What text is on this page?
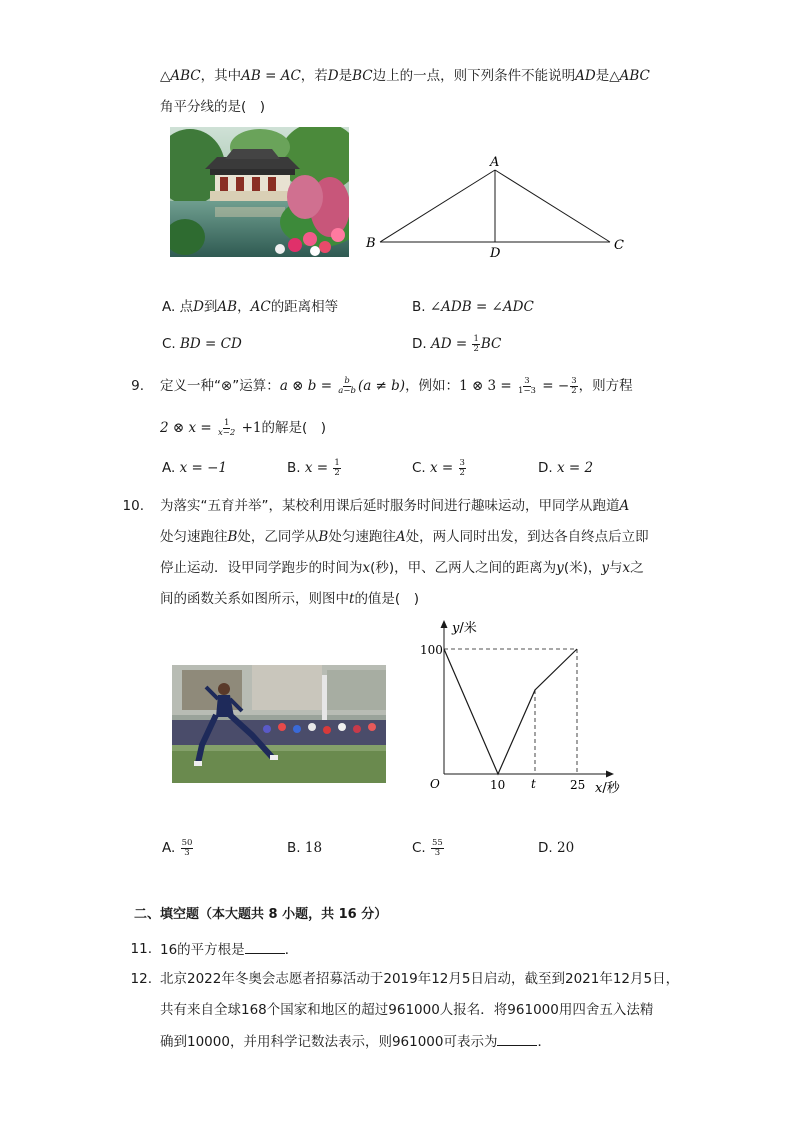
△ABC，其中AB = AC，若D是BC边上的一点，则下列条件不能说明AD是△ABC
角平分线的是(　)
A
B	C
D
A. 点D到AB，AC的距离相等	B. ∠ADB = ∠ADC
C. BD = CD	D. AD = $\frac{1}{2}$ BC
9. 定义一种“⊗”运算：a ⊗ $b = \frac{b}{a-b} (a \ne b)$，例如：1 ⊗ $3 = \frac{3}{1-3}$ = − $\frac{3}{2}$ ，则方程
2 ⊗ $x = \frac{1}{x-2} +1$的解是(　)
A. x = −1	B. $x = \frac{1}{2}$	C. $x = \frac{3}{2}$	D. x = 2
10. 为落实“五育并举”，某校利用课后延时服务时间进行趣味运动，甲同学从跑道A
处匀速跑往B处，乙同学从B处匀速跑往A处，两人同时出发，到达各自终点后立即
停止运动．设甲同学跑步的时间为x(秒)，甲、乙两人之间的距离为y(米)，y与x之
间的函数关系如图所示，则图中t的值是(　)
y/米
100
O	10 t	25 x/秒
A. $\frac{50}{3}$	B. 18	C. $\frac{55}{3}$	D. 20
二、填空题（本大题共 8 小题，共 16 分）
11. 16的平方根是	．
12. 北京2022年冬奥会志愿者招募活动于2019年12月5日启动，截至到2021年12月5日，
共有来自全球168个国家和地区的超过961000人报名．将961000用四舍五入法精
确到10000，并用科学记数法表示，则961000可表示为	．
